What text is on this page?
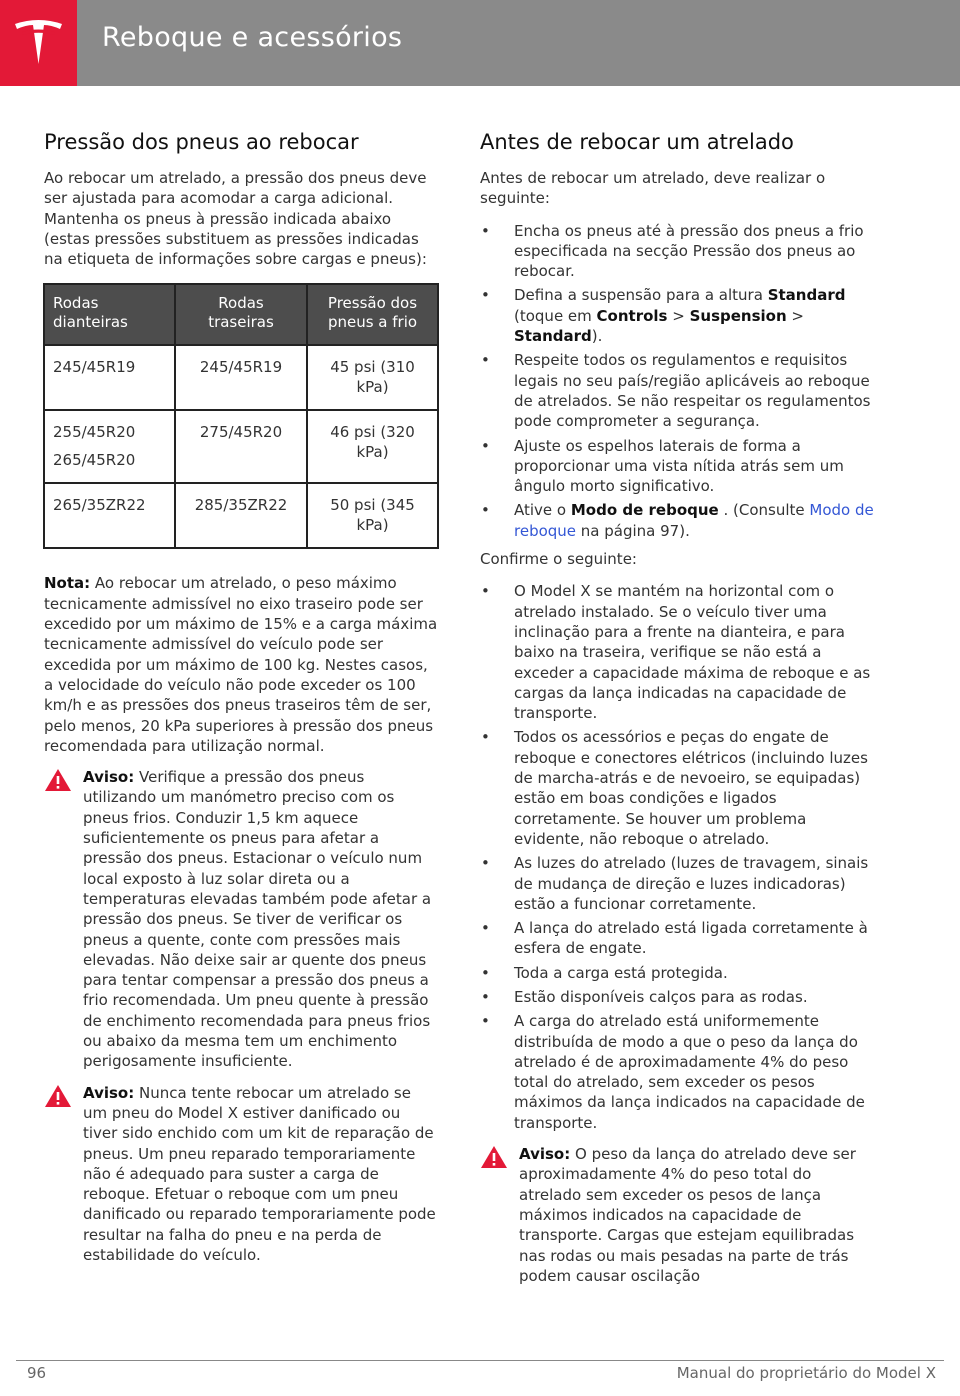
Reboque e acessórios
Pressão dos pneus ao rebocar

Ao rebocar um atrelado, a pressão dos pneus deve ser ajustada para acomodar a carga adicional. Mantenha os pneus à pressão indicada abaixo (estas pressões substituem as pressões indicadas na etiqueta de informações sobre cargas e pneus):

Rodas dianteiras	Rodas traseiras	Pressão dos pneus a frio
245/45R19	245/45R19	45 psi (310 kPa)
255/45R20
265/45R20	275/45R20	46 psi (320 kPa)
265/35ZR22	285/35ZR22	50 psi (345 kPa)

Nota: Ao rebocar um atrelado, o peso máximo tecnicamente admissível no eixo traseiro pode ser excedido por um máximo de 15% e a carga máxima tecnicamente admissível do veículo pode ser excedida por um máximo de 100 kg. Nestes casos, a velocidade do veículo não pode exceder os 100 km/h e as pressões dos pneus traseiros têm de ser, pelo menos, 20 kPa superiores à pressão dos pneus recomendada para utilização normal.

Aviso: Verifique a pressão dos pneus utilizando um manómetro preciso com os pneus frios. Conduzir 1,5 km aquece suficientemente os pneus para afetar a pressão dos pneus. Estacionar o veículo num local exposto à luz solar direta ou a temperaturas elevadas também pode afetar a pressão dos pneus. Se tiver de verificar os pneus a quente, conte com pressões mais elevadas. Não deixe sair ar quente dos pneus para tentar compensar a pressão dos pneus a frio recomendada. Um pneu quente à pressão de enchimento recomendada para pneus frios ou abaixo da mesma tem um enchimento perigosamente insuficiente.

Aviso: Nunca tente rebocar um atrelado se um pneu do Model X estiver danificado ou tiver sido enchido com um kit de reparação de pneus. Um pneu reparado temporariamente não é adequado para suster a carga de reboque. Efetuar o reboque com um pneu danificado ou reparado temporariamente pode resultar na falha do pneu e na perda de estabilidade do veículo.

Antes de rebocar um atrelado

Antes de rebocar um atrelado, deve realizar o seguinte:

• Encha os pneus até à pressão dos pneus a frio especificada na secção Pressão dos pneus ao rebocar.
• Defina a suspensão para a altura Standard (toque em Controls > Suspension > Standard).
• Respeite todos os regulamentos e requisitos legais no seu país/região aplicáveis ao reboque de atrelados. Se não respeitar os regulamentos pode comprometer a segurança.
• Ajuste os espelhos laterais de forma a proporcionar uma vista nítida atrás sem um ângulo morto significativo.
• Ative o Modo de reboque . (Consulte Modo de reboque na página 97).

Confirme o seguinte:

• O Model X se mantém na horizontal com o atrelado instalado. Se o veículo tiver uma inclinação para a frente na dianteira, e para baixo na traseira, verifique se não está a exceder a capacidade máxima de reboque e as cargas da lança indicadas na capacidade de transporte.
• Todos os acessórios e peças do engate de reboque e conectores elétricos (incluindo luzes de marcha-atrás e de nevoeiro, se equipadas) estão em boas condições e ligados corretamente. Se houver um problema evidente, não reboque o atrelado.
• As luzes do atrelado (luzes de travagem, sinais de mudança de direção e luzes indicadoras) estão a funcionar corretamente.
• A lança do atrelado está ligada corretamente à esfera de engate.
• Toda a carga está protegida.
• Estão disponíveis calços para as rodas.
• A carga do atrelado está uniformemente distribuída de modo a que o peso da lança do atrelado é de aproximadamente 4% do peso total do atrelado, sem exceder os pesos máximos da lança indicados na capacidade de transporte.

Aviso: O peso da lança do atrelado deve ser aproximadamente 4% do peso total do atrelado sem exceder os pesos de lança máximos indicados na capacidade de transporte. Cargas que estejam equilibradas nas rodas ou mais pesadas na parte de trás podem causar oscilação

96	Manual do proprietário do Model X
